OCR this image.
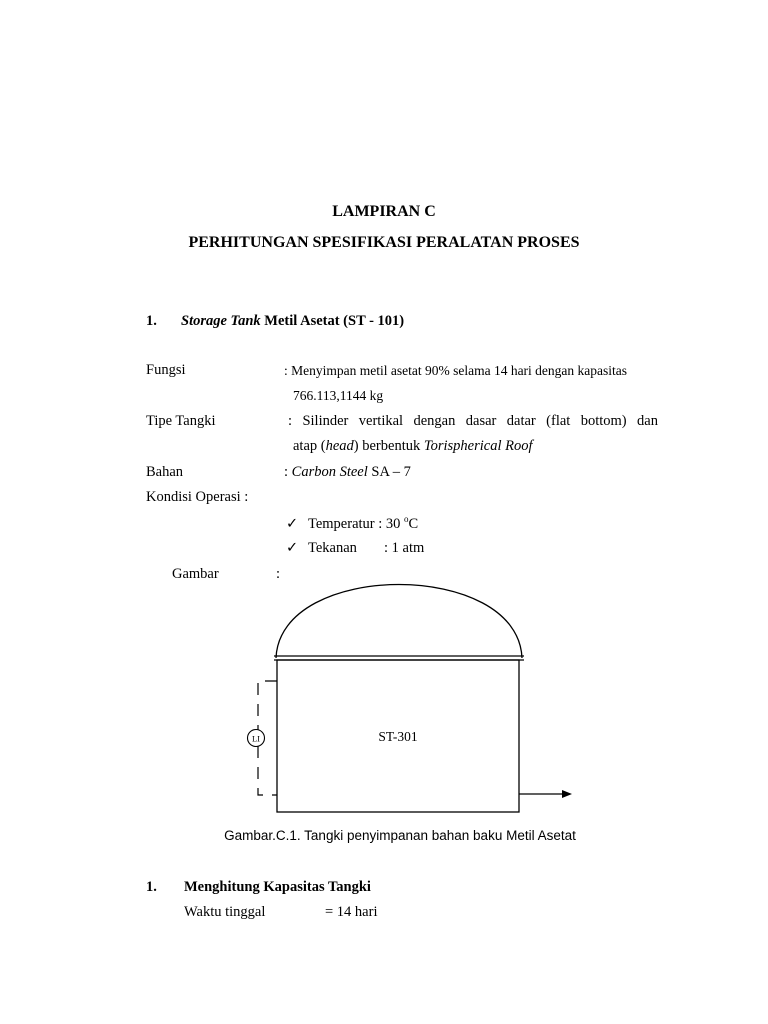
LAMPIRAN C
PERHITUNGAN SPESIFIKASI PERALATAN PROSES
1. Storage Tank Metil Asetat (ST - 101)
Fungsi	: Menyimpan metil asetat 90% selama 14 hari dengan kapasitas
766.113,1144 kg
Tipe Tangki	: Silinder vertikal dengan dasar datar (flat bottom) dan
atap (head) berbentuk Torispherical Roof
Bahan	: Carbon Steel SA – 7
Kondisi Operasi :
✓ Temperatur : 30 $^o$C
✓ Tekanan : 1 atm
Gambar	:
LI	ST-301
Gambar.C.1. Tangki penyimpanan bahan baku Metil Asetat
1. Menghitung Kapasitas Tangki
Waktu tinggal	= 14 hari
